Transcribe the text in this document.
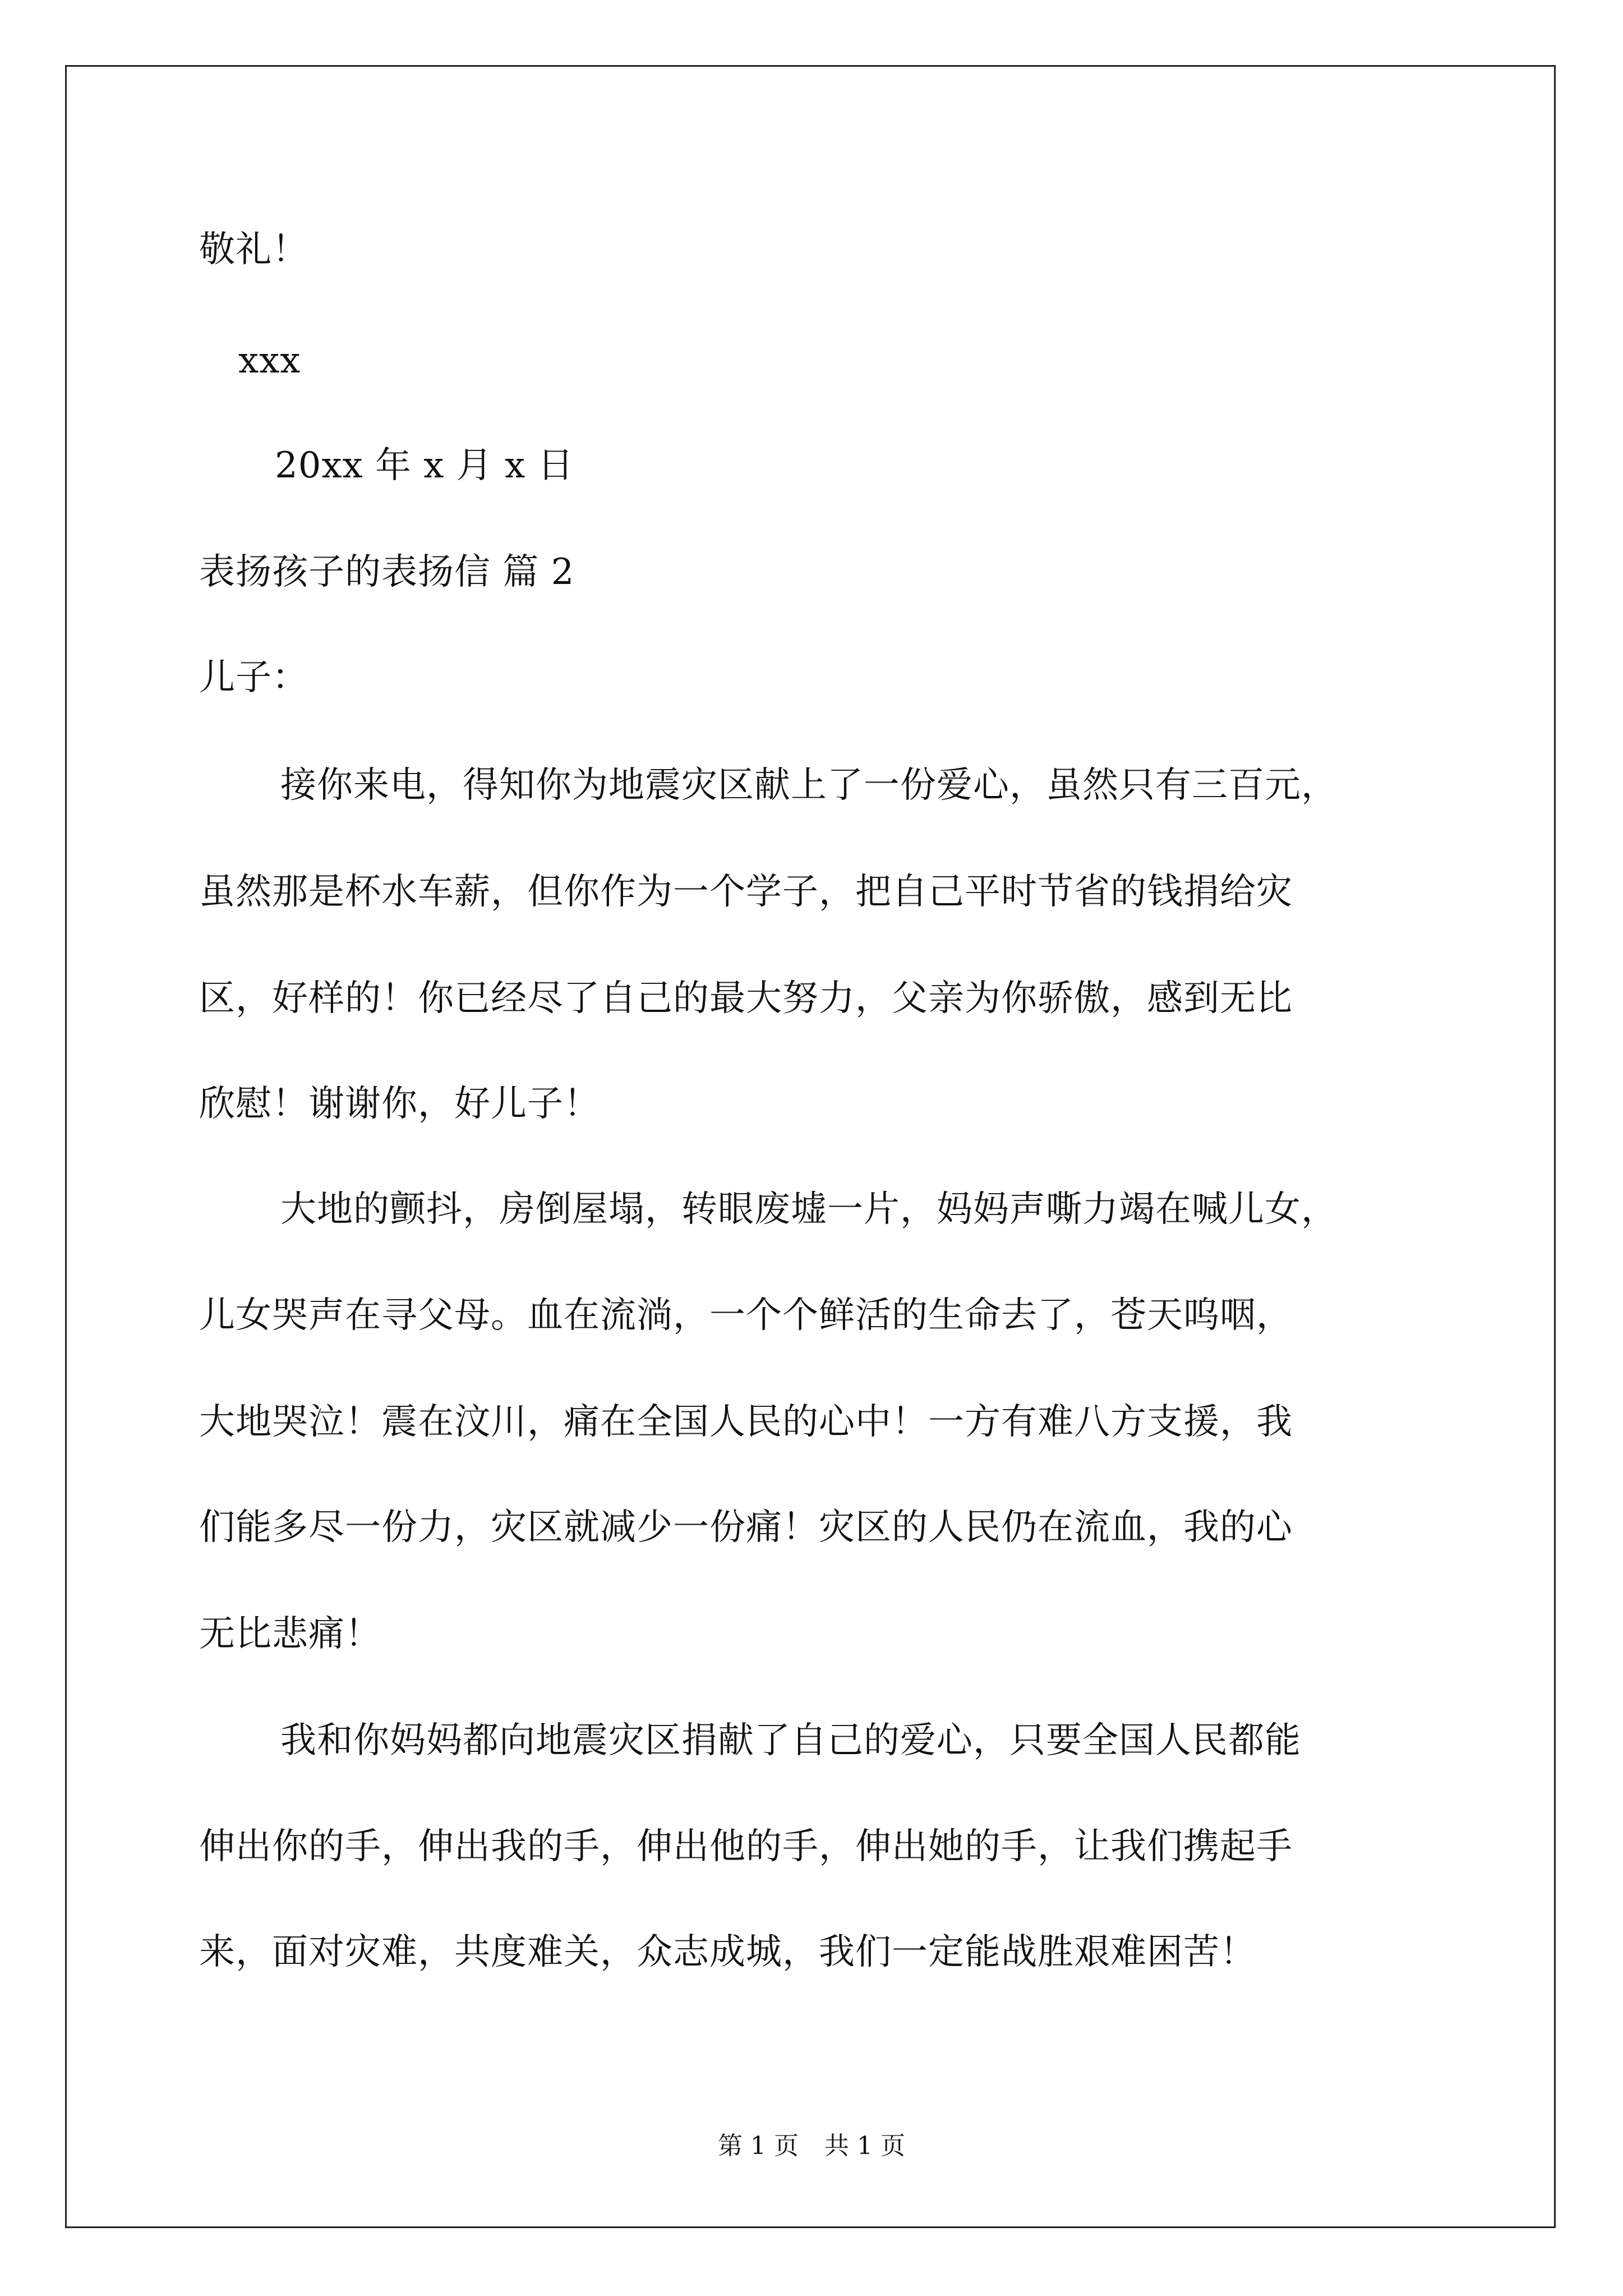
敬礼！
xxx
20xx 年 x 月 x 日
表扬孩子的表扬信 篇 2
儿子：
接你来电，得知你为地震灾区献上了一份爱心，虽然只有三百元，
虽然那是杯水车薪，但你作为一个学子，把自己平时节省的钱捐给灾
区，好样的！你已经尽了自己的最大努力，父亲为你骄傲，感到无比
欣慰！谢谢你，好儿子！
大地的颤抖，房倒屋塌，转眼废墟一片，妈妈声嘶力竭在喊儿女，
儿女哭声在寻父母。血在流淌，一个个鲜活的生命去了，苍天呜咽，
大地哭泣！震在汶川，痛在全国人民的心中！一方有难八方支援，我
们能多尽一份力，灾区就减少一份痛！灾区的人民仍在流血，我的心
无比悲痛！
我和你妈妈都向地震灾区捐献了自己的爱心，只要全国人民都能
伸出你的手，伸出我的手，伸出他的手，伸出她的手，让我们携起手
来，面对灾难，共度难关，众志成城，我们一定能战胜艰难困苦！
第 1 页 共 1 页
